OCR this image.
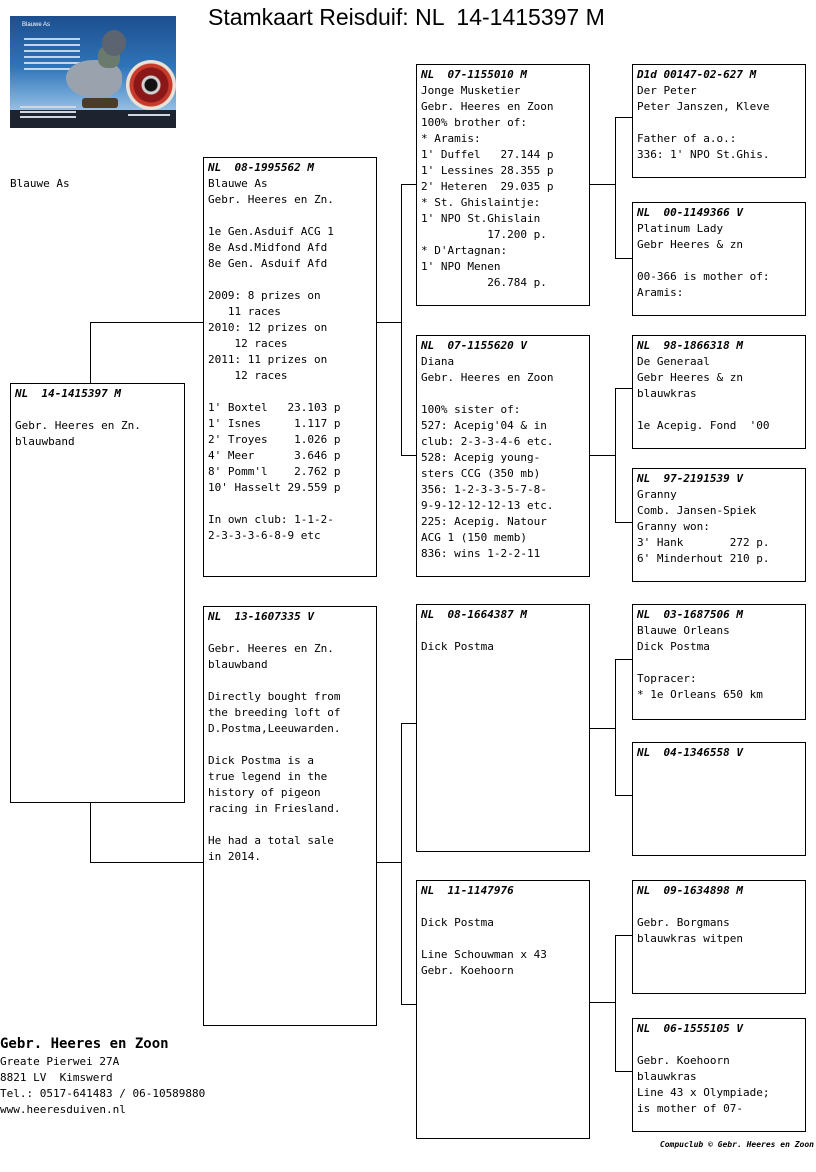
Stamkaart Reisduif: NL  14-1415397 M
Blauwe As
Blauwe As
NL  14-1415397 M
Gebr. Heeres en Zn.
blauwband
NL  08-1995562 M
Blauwe As
Gebr. Heeres en Zn.
1e Gen.Asduif ACG 1
8e Asd.Midfond Afd
8e Gen. Asduif Afd
2009: 8 prizes on
11 races
2010: 12 prizes on
12 races
2011: 11 prizes on
12 races
1' Boxtel   23.103 p
1' Isnes     1.117 p
2' Troyes    1.026 p
4' Meer      3.646 p
8' Pomm'l    2.762 p
10' Hasselt 29.559 p
In own club: 1-1-2-
2-3-3-3-6-8-9 etc
NL  13-1607335 V
Gebr. Heeres en Zn.
blauwband
Directly bought from
the breeding loft of
D.Postma,Leeuwarden.
Dick Postma is a
true legend in the
history of pigeon
racing in Friesland.
He had a total sale
in 2014.
NL  07-1155010 M
Jonge Musketier
Gebr. Heeres en Zoon
100% brother of:
* Aramis:
1' Duffel   27.144 p
1' Lessines 28.355 p
2' Heteren  29.035 p
* St. Ghislaintje:
1' NPO St.Ghislain
17.200 p.
* D'Artagnan:
1' NPO Menen
26.784 p.
NL  07-1155620 V
Diana
Gebr. Heeres en Zoon
100% sister of:
527: Acepig'04 & in
club: 2-3-3-4-6 etc.
528: Acepig young-
sters CCG (350 mb)
356: 1-2-3-3-5-7-8-
9-9-12-12-12-13 etc.
225: Acepig. Natour
ACG 1 (150 memb)
836: wins 1-2-2-11
NL  08-1664387 M
Dick Postma
NL  11-1147976
Dick Postma
Line Schouwman x 43
Gebr. Koehoorn
D1d 00147-02-627 M
Der Peter
Peter Janszen, Kleve
Father of a.o.:
336: 1' NPO St.Ghis.
NL  00-1149366 V
Platinum Lady
Gebr Heeres & zn
00-366 is mother of:
Aramis:
NL  98-1866318 M
De Generaal
Gebr Heeres & zn
blauwkras
1e Acepig. Fond  '00
NL  97-2191539 V
Granny
Comb. Jansen-Spiek
Granny won:
3' Hank       272 p.
6' Minderhout 210 p.
NL  03-1687506 M
Blauwe Orleans
Dick Postma
Topracer:
* 1e Orleans 650 km
NL  04-1346558 V
NL  09-1634898 M
Gebr. Borgmans
blauwkras witpen
NL  06-1555105 V
Gebr. Koehoorn
blauwkras
Line 43 x Olympiade;
is mother of 07-
Gebr. Heeres en Zoon
Greate Pierwei 27A
8821 LV  Kimswerd
Tel.: 0517-641483 / 06-10589880
www.heeresduiven.nl
Compuclub © Gebr. Heeres en Zoon
